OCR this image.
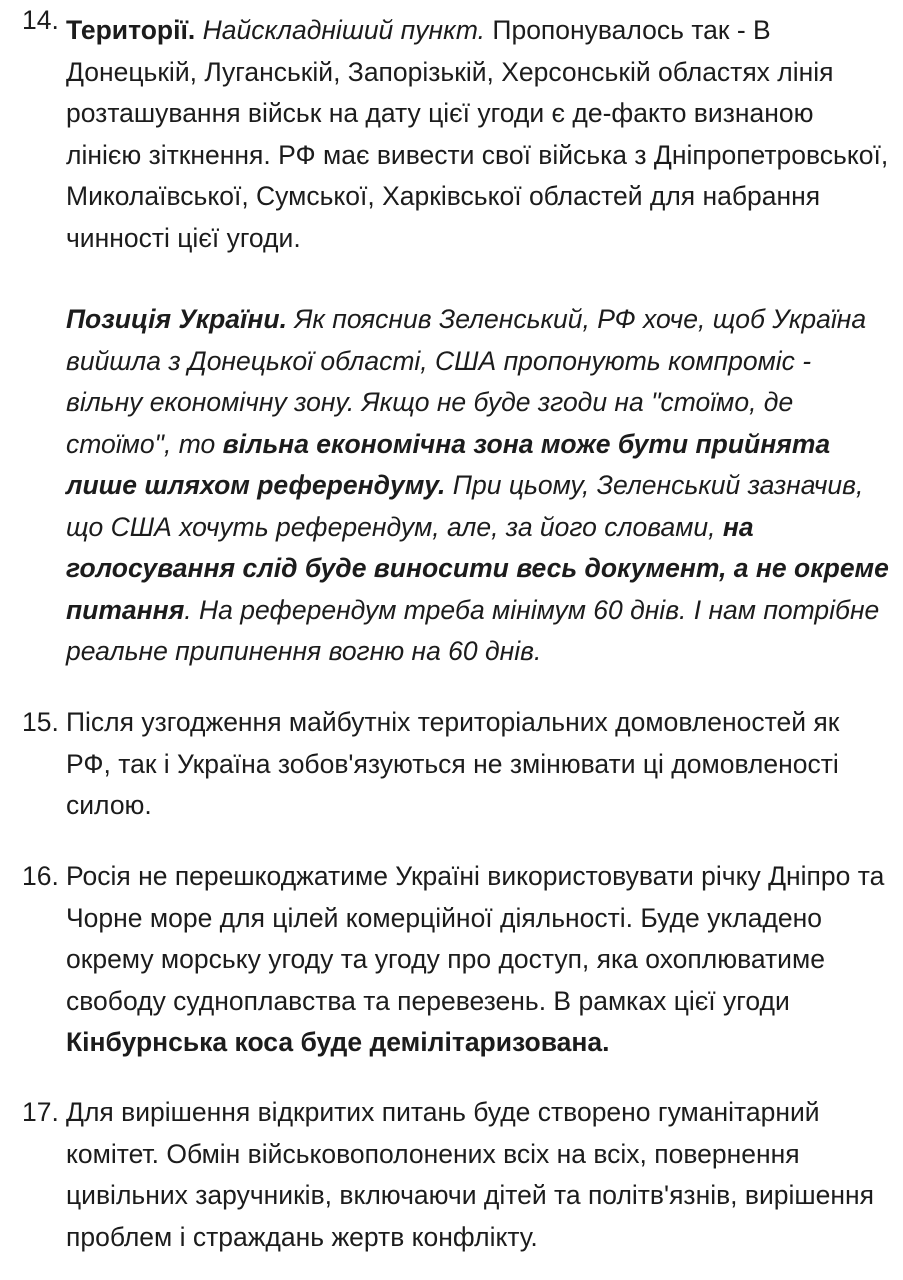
14. Території. Найскладніший пункт. Пропонувалось так - В Донецькій, Луганській, Запорізькій, Херсонській областях лінія розташування військ на дату цієї угоди є де-факто визнаною лінією зіткнення. РФ має вивести свої війська з Дніпропетровської, Миколаївської, Сумської, Харківської областей для набрання чинності цієї угоди.

Позиція України. Як пояснив Зеленський, РФ хоче, щоб Україна вийшла з Донецької області, США пропонують компроміс - вільну економічну зону. Якщо не буде згоди на "стоїмо, де стоїмо", то вільна економічна зона може бути прийнята лише шляхом референдуму. При цьому, Зеленський зазначив, що США хочуть референдум, але, за його словами, на голосування слід буде виносити весь документ, а не окреме питання. На референдум треба мінімум 60 днів. І нам потрібне реальне припинення вогню на 60 днів.

15. Після узгодження майбутніх територіальних домовленостей як РФ, так і Україна зобов'язуються не змінювати ці домовленості силою.

16. Росія не перешкоджатиме Україні використовувати річку Дніпро та Чорне море для цілей комерційної діяльності. Буде укладено окрему морську угоду та угоду про доступ, яка охоплюватиме свободу судноплавства та перевезень. В рамках цієї угоди Кінбурнська коса буде демілітаризована.

17. Для вирішення відкритих питань буде створено гуманітарний комітет. Обмін військовополонених всіх на всіх, повернення цивільних заручників, включаючи дітей та політв'язнів, вирішення проблем і страждань жертв конфлікту.
